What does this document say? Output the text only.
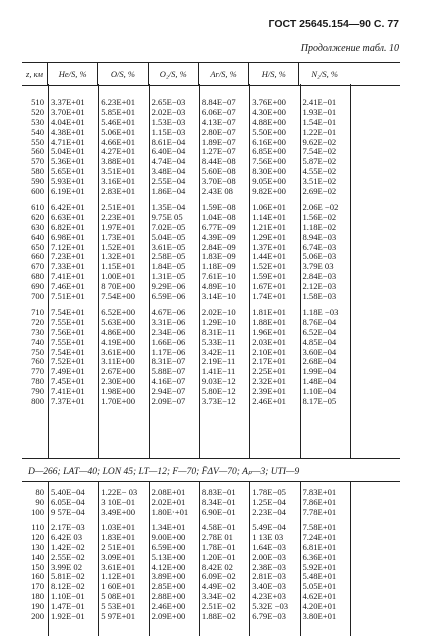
ГОСТ 25645.154—90 С. 77
Продолжение табл. 10
z, км	He/S, %	O/S, %	O₂/S, %	Ar/S, %	H/S, %	N₂/S, %
510 3.37E+01	6.23E+01	2.65E−03	8.84E−07	3.76E+00	2.41E−01
520 3.70E+01	5.85E+01	2.02E−03	6.06E−07	4.30E+00	1.93E−01
530 4.04E+01	5.46E+01	1.53E−03	4.13E−07	4.88E+00	1.54E−01
540 4.38E+01	5.06E+01	1.15E−03	2.80E−07	5.50E+00	1.22E−01
550 4.71E+01	4.66E+01	8.61E−04	1.89E−07	6.16E+00	9.62E−02
560 5.04E+01	4.27E+01	6.40E−04	1.27E−07	6.85E+00	7.54E−02
570 5.36E+01	3.88E+01	4.74E−04	8.44E−08	7.56E+00	5.87E−02
580 5.65E+01	3.51E+01	3.48E−04	5.60E−08	8.30E+00	4.55E−02
590 5.93E+01	3.16E+01	2.55E−04	3.70E−08	9.05E+00	3.51E−02
600 6.19E+01	2.83E+01	1.86E−04	2.43E 08	9.82E+00	2.69E−02
610 6.42E+01	2.51E+01	1.35E−04	1.59E−08	1.06E+01	2.06E −02
620 6.63E+01	2.23E+01	9.75E 05	1.04E−08	1.14E+01	1.56E−02
630 6.82E+01	1.97E+01	7.02E−05	6.77E−09	1.21E+01	1.18E−02
640 6.98E+01	1.73E+01	5.04E−05	4.39E−09	1.29E+01	8.94E−03
650 7.12E+01	1.52E+01	3.61E−05	2.84E−09	1.37E+01	6.74E−03
660 7.23E+01	1.32E+01	2.58E−05	1.83E−09	1.44E+01	5.06E−03
670 7.33E+01	1.15E+01	1.84E−05	1.18E−09	1.52E+01	3.79E 03
680 7.41E+01	1.00E+01	1.31E−05	7.61E−10	1.59E+01	2.84E−03
690 7.46E+01	8 70E+00	9.29E−06	4.89E−10	1.67E+01	2.12E−03
700 7.51E+01	7.54E+00	6.59E−06	3.14E−10	1.74E+01	1.58E−03
710 7.54E+01	6.52E+00	4.67E−06	2.02E−10	1.81E+01	1.18E −03
720 7.55E+01	5.63E+00	3.31E−06	1.29E−10	1.88E+01	8.76E−04
730 7.56E+01	4.86E+00	2.34E−06	8.31E−11	1.96E+01	6.52E−04
740 7.55E+01	4.19E+00	1.66E−06	5.33E−11	2.03E+01	4.85E−04
750 7.54E+01	3.61E+00	1.17E−06	3.42E−11	2.10E+01	3.60E−04
760 7.52E+01	3.11E+00	8.31E−07	2.19E−11	2.17E+01	2.68E−04
770 7.49E+01	2.67E+00	5.88E−07	1.41E−11	2.25E+01	1.99E−04
780 7.45E+01	2.30E+00	4.16E−07	9.03E−12	2.32E+01	1.48E−04
790 7.41E+01	1.98E+00	2.94E−07	5.80E−12	2.39E+01	1.10E−04
800 7.37E+01	1.70E+00	2.09E−07	3.73E−12	2.46E+01	8.17E−05
D—266; LAT—40; LON 45; LT—12; F—70; F̄ΔV—70; Aₚ—3; UTI—9
80 5.40E−04	1.22E− 03	2.08E+01	8.83E−01	1.78E−05	7.83E+01
90 6.05E−04	3 10E−01	2.02E+01	8.34E−01	1.25E−04	7.86E+01
100 9 57E−04	3.49E+00	1.80E·+01	6.90E−01	2.23E−04	7.78E+01
110 2.17E−03	1.03E+01	1.34E+01	4.58E−01	5.49E−04	7.58E+01
120 6.42E 03	1.83E+01	9.00E+00	2.78E 01	1 13E 03	7.24E+01
130 1.42E−02	2 51E+01	6.59E+00	1.78E−01	1.64E−03	6.81E+01
140 2.55E−02	3.09E+01	5.13E+00	1.20E−01	2.00E−03	6.36E+01
150 3.99E 02	3.61E+01	4.12E+00	8.42E 02	2.38E−03	5.92E+01
160 5.81E−02	1.12E+01	3.89E+00	6.09E−02	2.81E−03	5.48E+01
170 8.12E−02	1 60E+01	2.85E+00	4.49E−02	3.40E−03	5.05E+01
180 1.10E−01	5 08E+01	2.88E+00	3.34E−02	4.23E+03	4.62E+01
190 1.47E−01	5 53E+01	2.46E+00	2.51E−02	5.32E −03	4.20E+01
200 1.92E−01	5 97E+01	2.09E+00	1.88E−02	6.79E−03	3.80E+01
